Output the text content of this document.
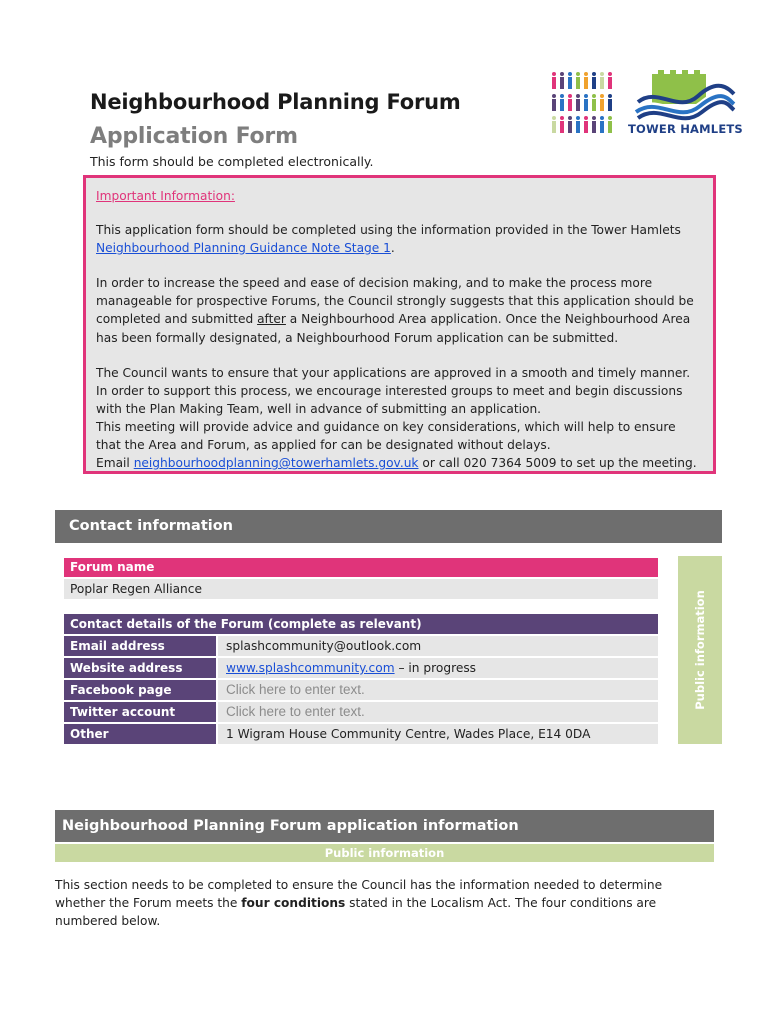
Neighbourhood Planning Forum
Application Form
This form should be completed electronically.
TOWER HAMLETS
Important Information:

This application form should be completed using the information provided in the Tower Hamlets Neighbourhood Planning Guidance Note Stage 1.

In order to increase the speed and ease of decision making, and to make the process more manageable for prospective Forums, the Council strongly suggests that this application should be completed and submitted after a Neighbourhood Area application. Once the Neighbourhood Area has been formally designated, a Neighbourhood Forum application can be submitted.

The Council wants to ensure that your applications are approved in a smooth and timely manner. In order to support this process, we encourage interested groups to meet and begin discussions with the Plan Making Team, well in advance of submitting an application.
This meeting will provide advice and guidance on key considerations, which will help to ensure that the Area and Forum, as applied for can be designated without delays.
Email neighbourhoodplanning@towerhamlets.gov.uk or call 020 7364 5009 to set up the meeting.

Contact information
Public information
Forum name
Poplar Regen Alliance
Contact details of the Forum (complete as relevant)
Email address	splashcommunity@outlook.com
Website address	www.splashcommunity.com – in progress
Facebook page	Click here to enter text.
Twitter account	Click here to enter text.
Other	1 Wigram House Community Centre, Wades Place, E14 0DA
Neighbourhood Planning Forum application information
Public information
This section needs to be completed to ensure the Council has the information needed to determine whether the Forum meets the four conditions stated in the Localism Act. The four conditions are numbered below.
